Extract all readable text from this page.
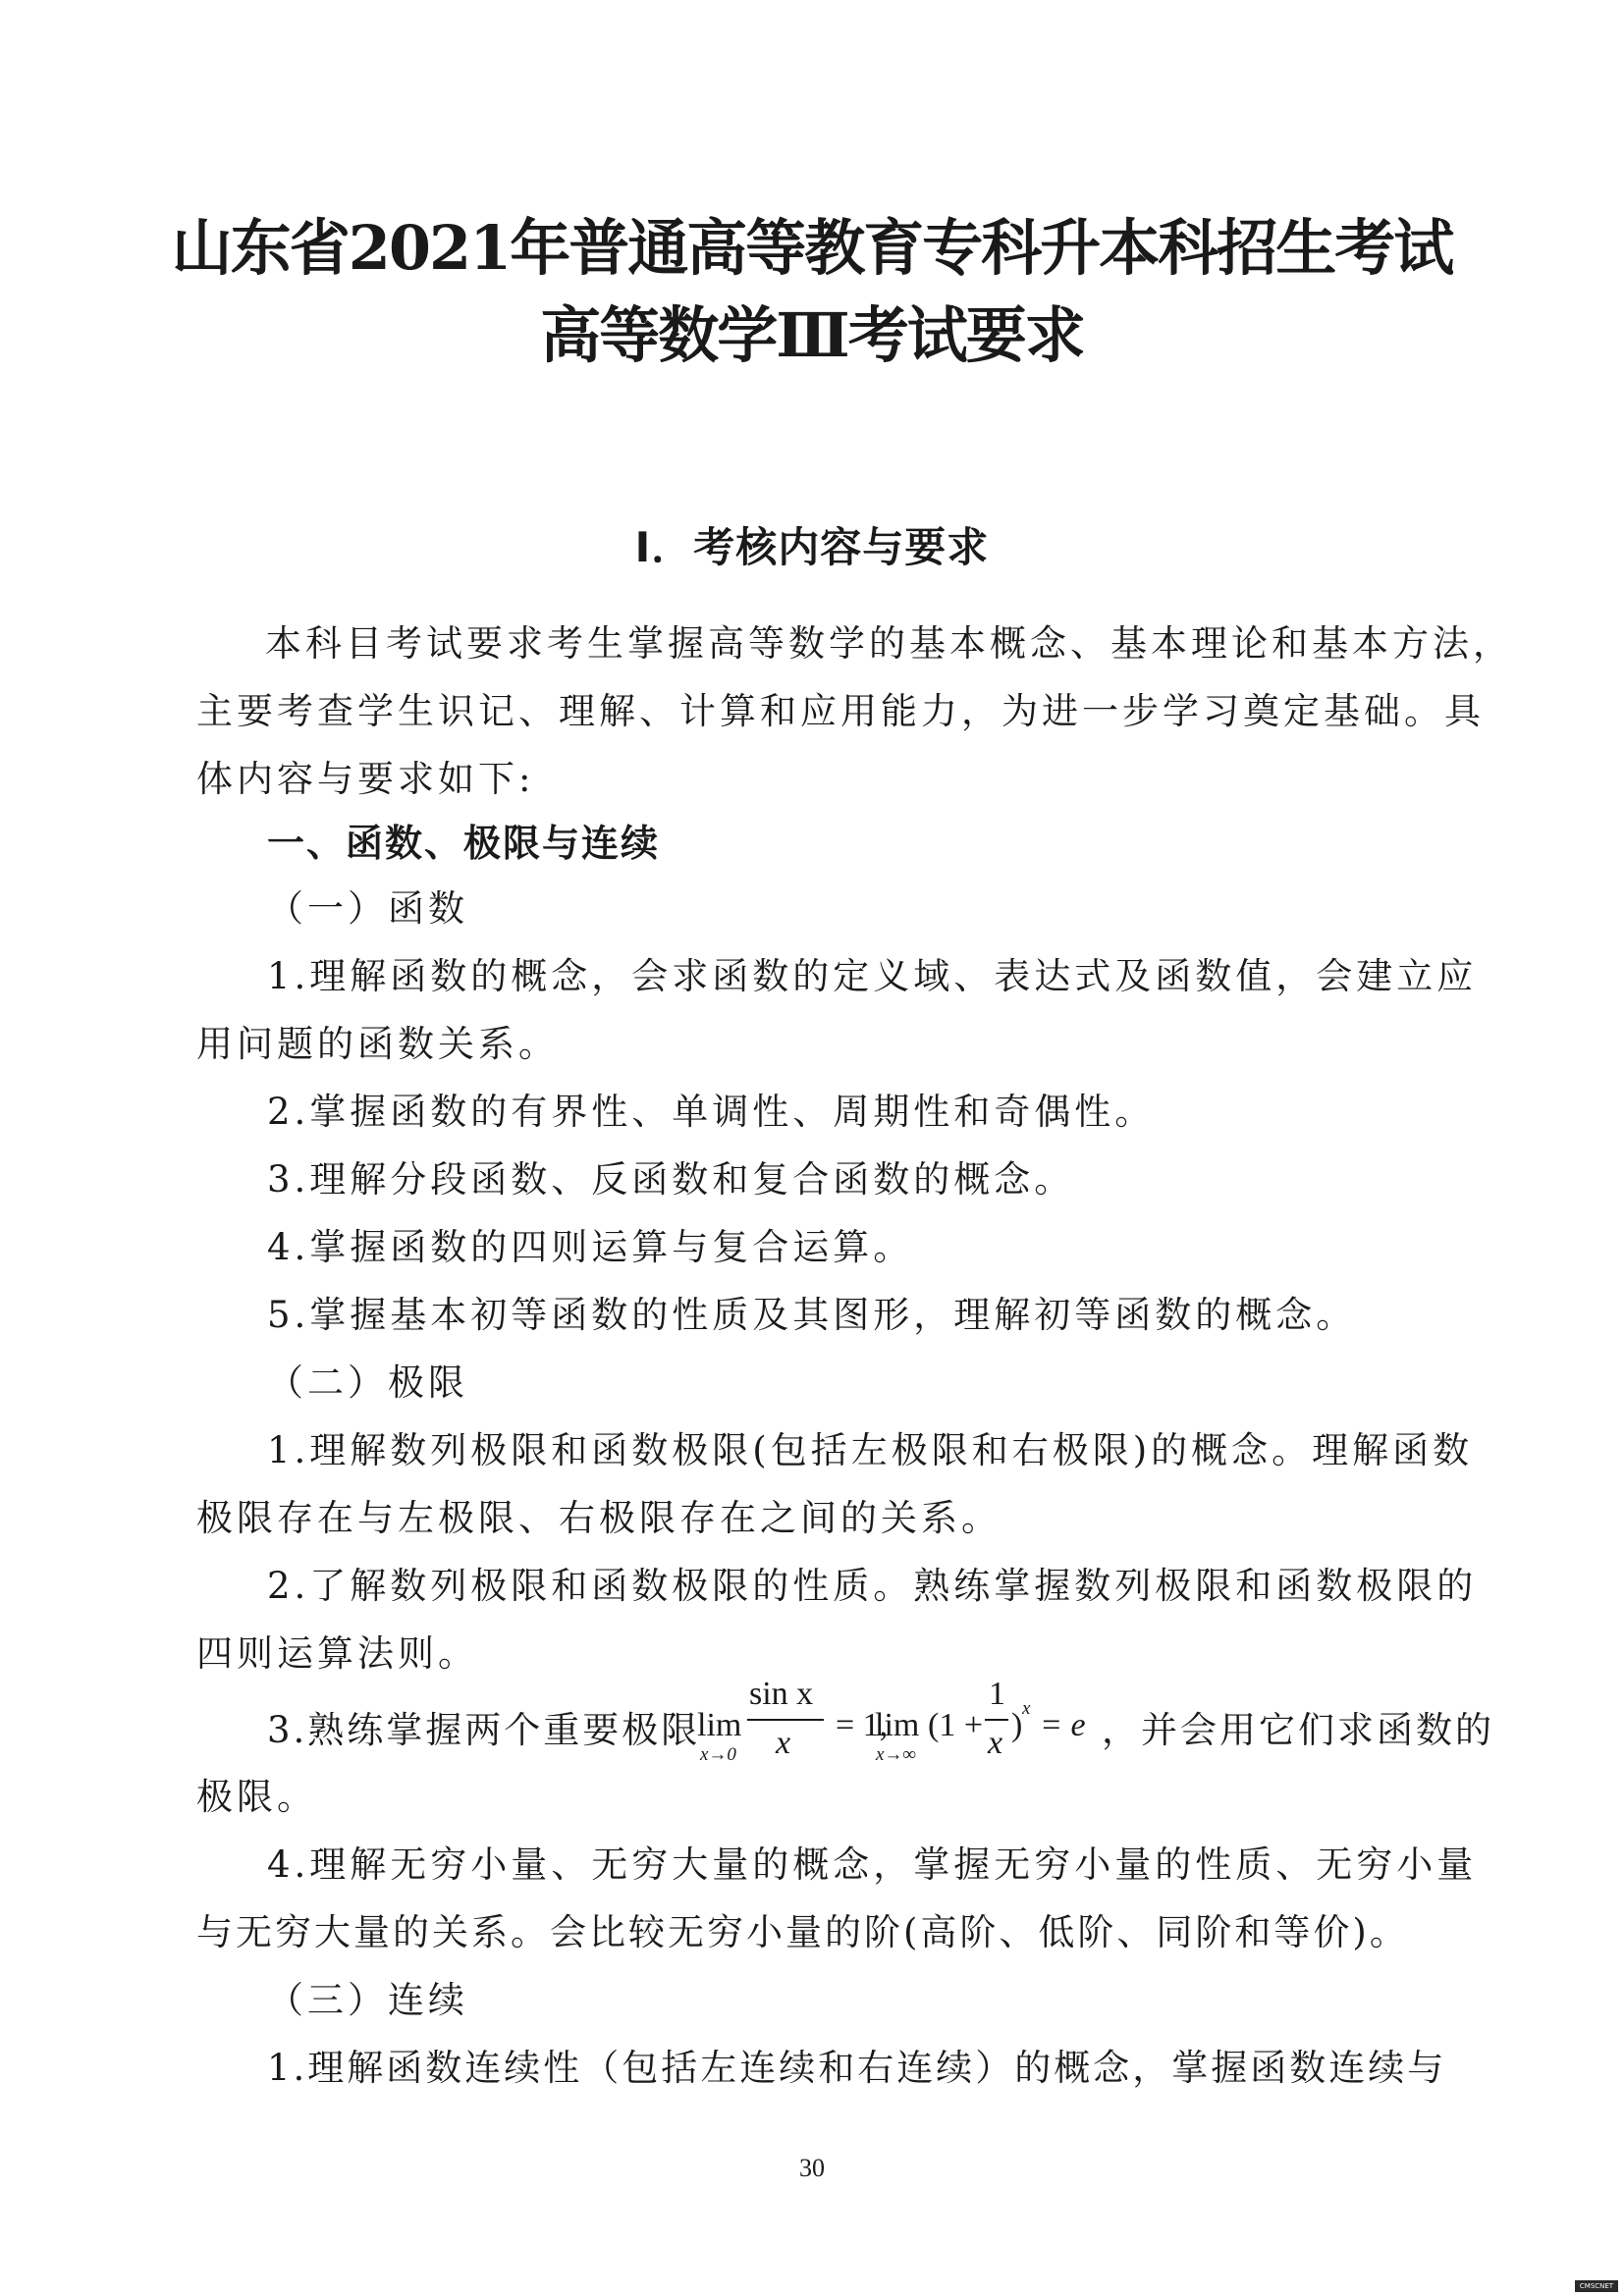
山东省2021年普通高等教育专科升本科招生考试
高等数学Ⅲ考试要求
Ⅰ．考核内容与要求
本科目考试要求考生掌握高等数学的基本概念、基本理论和基本方法，
主要考查学生识记、理解、计算和应用能力，为进一步学习奠定基础。具
体内容与要求如下:
一、函数、极限与连续
（一）函数
1.理解函数的概念，会求函数的定义域、表达式及函数值，会建立应
用问题的函数关系。
2.掌握函数的有界性、单调性、周期性和奇偶性。
3.理解分段函数、反函数和复合函数的概念。
4.掌握函数的四则运算与复合运算。
5.掌握基本初等函数的性质及其图形，理解初等函数的概念。
（二）极限
1.理解数列极限和函数极限(包括左极限和右极限)的概念。理解函数
极限存在与左极限、右极限存在之间的关系。
2.了解数列极限和函数极限的性质。熟练掌握数列极限和函数极限的
四则运算法则。
3.熟练掌握两个重要极限
lim
x→0
sin x
x = 1,
lim
x→∞
(1 +
1
x ) x = e ，并会用它们求函数的
极限。
4.理解无穷小量、无穷大量的概念，掌握无穷小量的性质、无穷小量
与无穷大量的关系。会比较无穷小量的阶(高阶、低阶、同阶和等价)。
（三）连续
1.理解函数连续性（包括左连续和右连续）的概念，掌握函数连续与
30
CMSCNET
